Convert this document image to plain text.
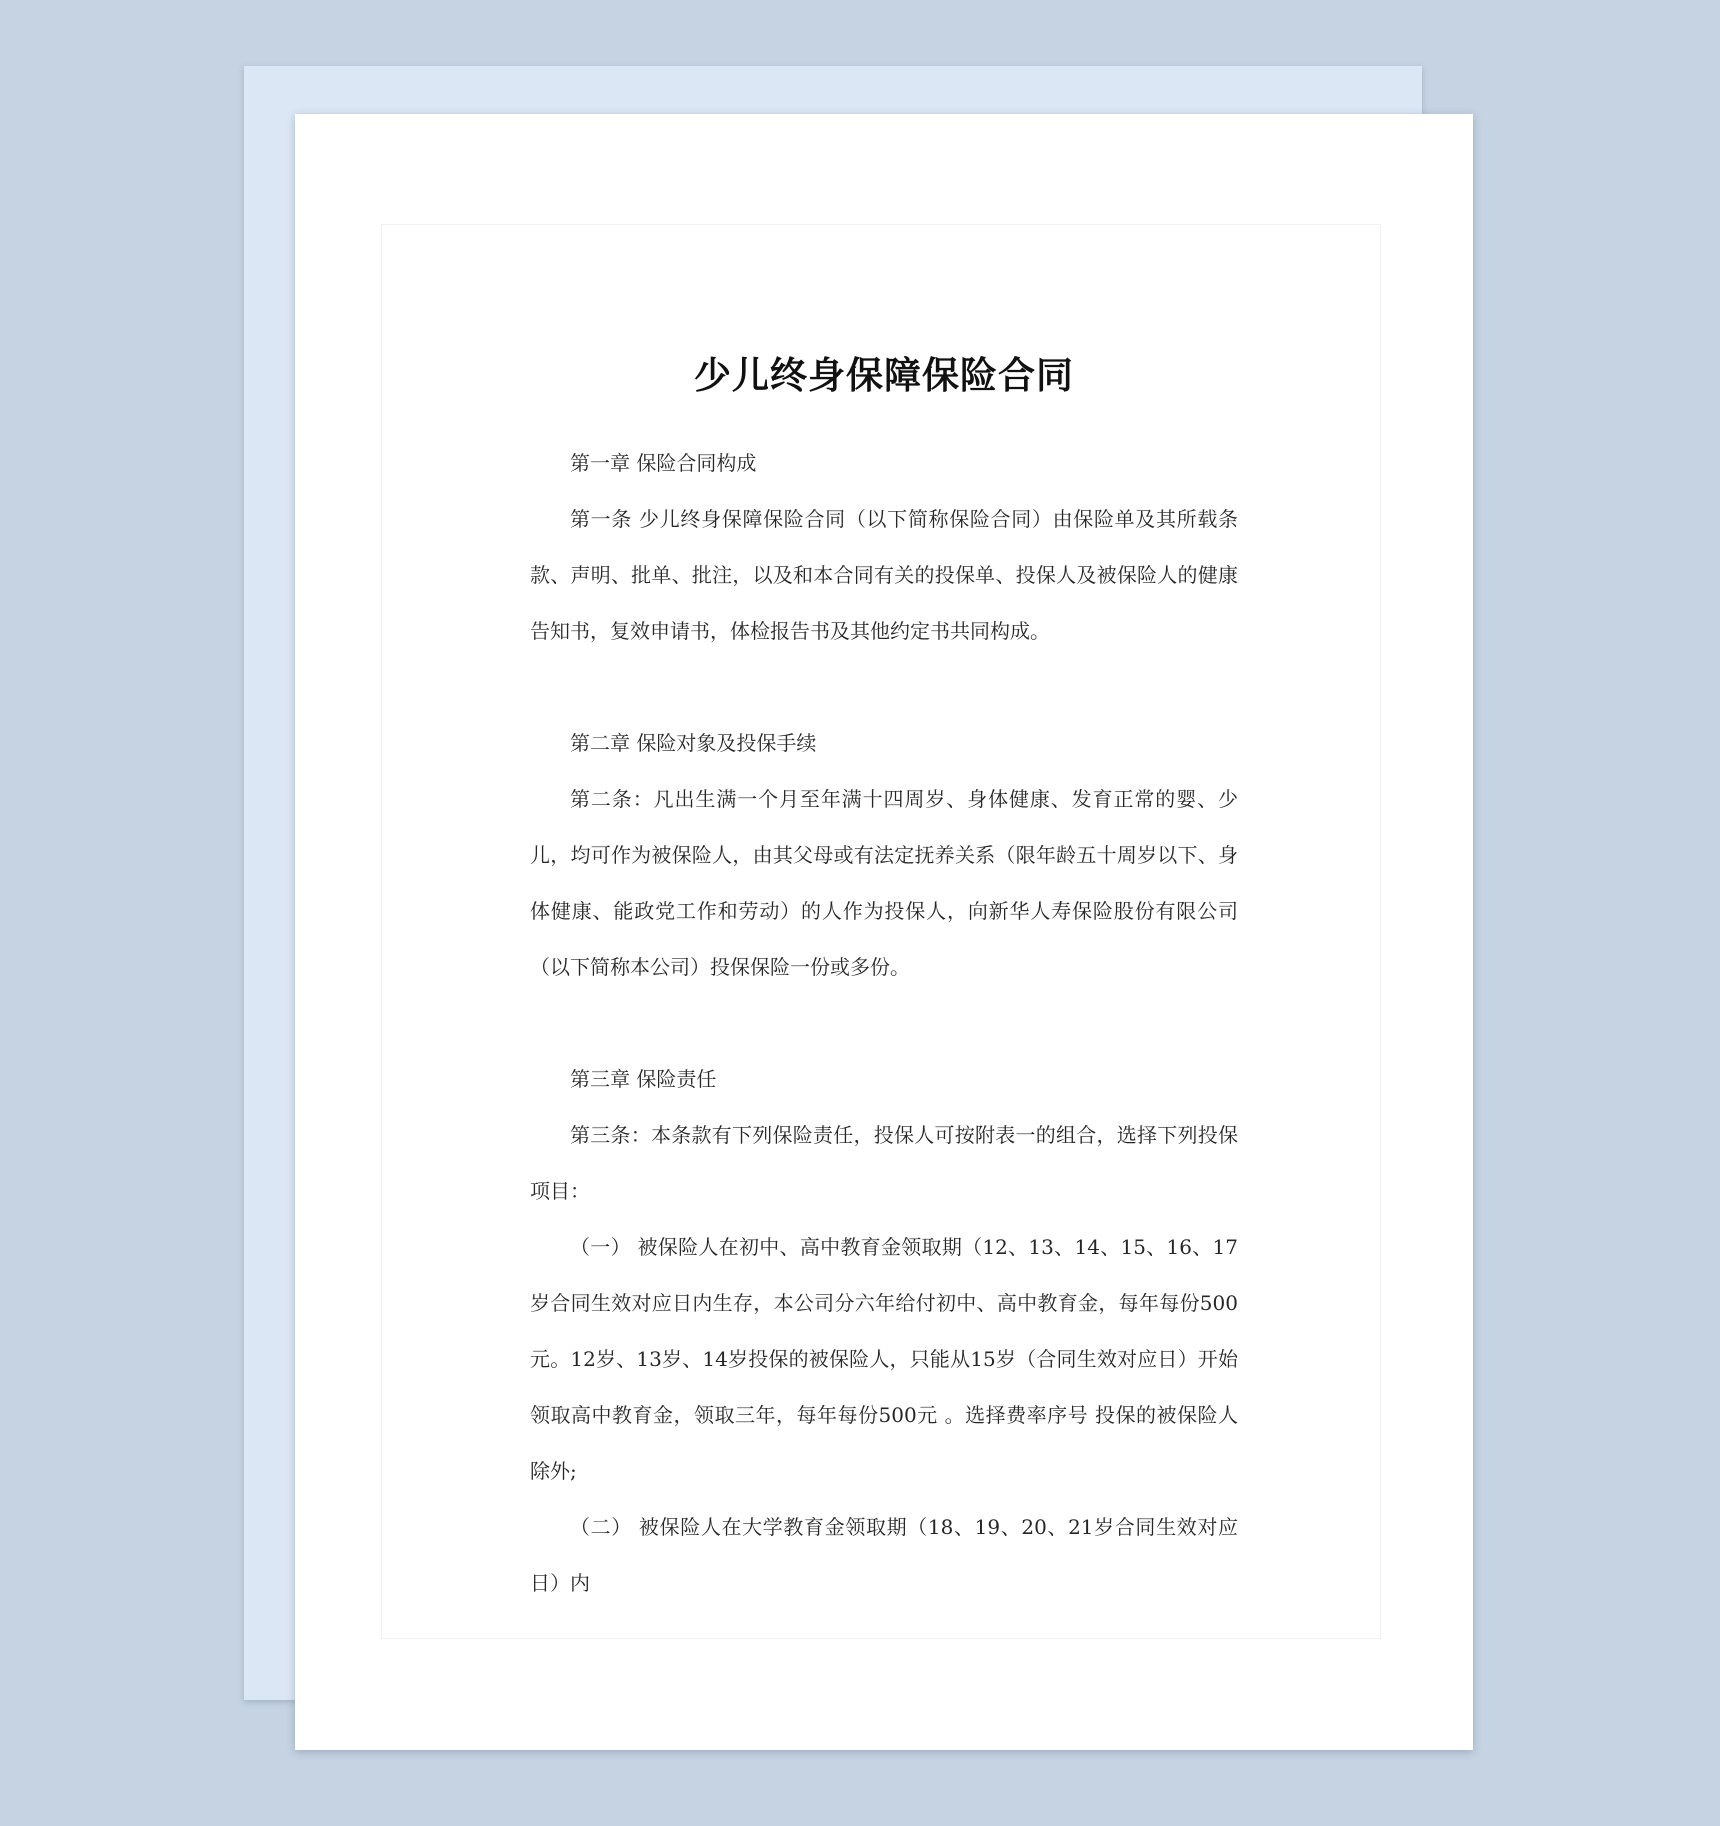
少儿终身保障保险合同

第一章 保险合同构成

第一条 少儿终身保障保险合同（以下简称保险合同）由保险单及其所载条款、声明、批单、批注，以及和本合同有关的投保单、投保人及被保险人的健康告知书，复效申请书，体检报告书及其他约定书共同构成。

第二章 保险对象及投保手续

第二条：凡出生满一个月至年满十四周岁、身体健康、发育正常的婴、少儿，均可作为被保险人，由其父母或有法定抚养关系（限年龄五十周岁以下、身体健康、能政党工作和劳动）的人作为投保人，向新华人寿保险股份有限公司（以下简称本公司）投保保险一份或多份。

第三章 保险责任

第三条：本条款有下列保险责任，投保人可按附表一的组合，选择下列投保项目：

（一） 被保险人在初中、高中教育金领取期（12、13、14、15、16、17岁合同生效对应日内生存，本公司分六年给付初中、高中教育金，每年每份500元。12岁、13岁、14岁投保的被保险人，只能从15岁（合同生效对应日）开始领取高中教育金，领取三年，每年每份500元 。选择费率序号 投保的被保险人除外;

（二） 被保险人在大学教育金领取期（18、19、20、21岁合同生效对应日）内
